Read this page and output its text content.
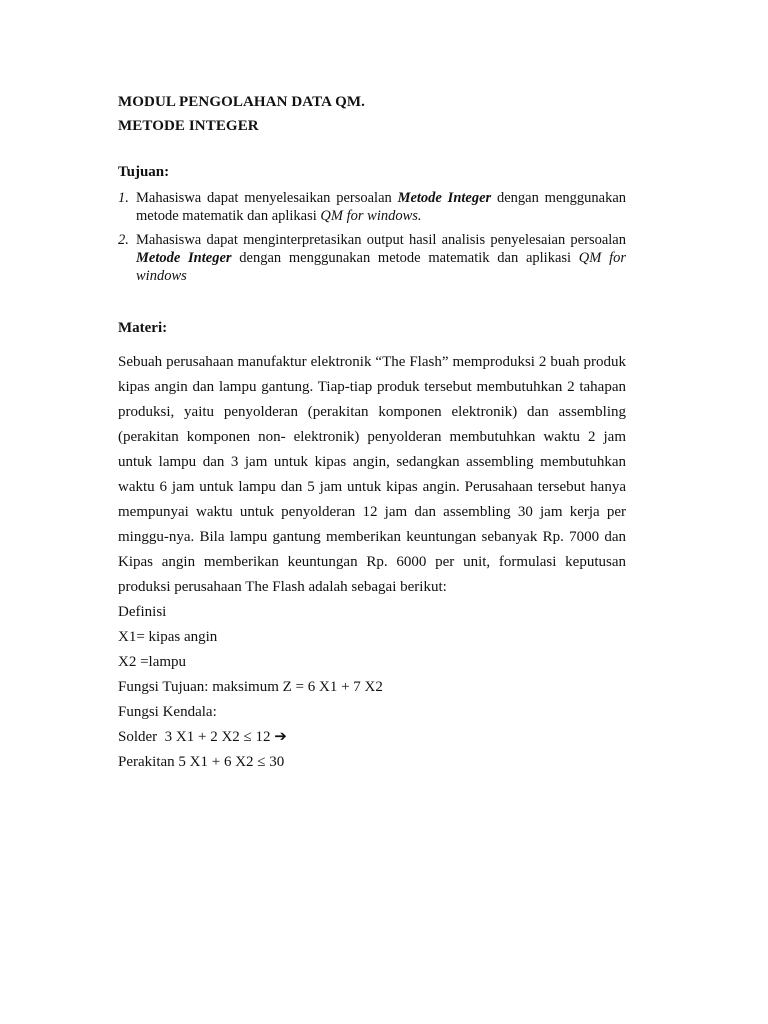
MODUL PENGOLAHAN DATA QM.

METODE INTEGER

Tujuan:

1. Mahasiswa dapat menyelesaikan persoalan Metode Integer dengan menggunakan metode matematik dan aplikasi QM for windows.
2. Mahasiswa dapat menginterpretasikan output hasil analisis penyelesaian persoalan Metode Integer dengan menggunakan metode matematik dan aplikasi QM for windows

Materi:

Sebuah perusahaan manufaktur elektronik “The Flash” memproduksi 2 buah produk kipas angin dan lampu gantung. Tiap-tiap produk tersebut membutuhkan 2 tahapan produksi, yaitu penyolderan (perakitan komponen elektronik) dan assembling (perakitan komponen non- elektronik) penyolderan membutuhkan waktu 2 jam untuk lampu dan 3 jam untuk kipas angin, sedangkan assembling membutuhkan waktu 6 jam untuk lampu dan 5 jam untuk kipas angin. Perusahaan tersebut hanya mempunyai waktu untuk penyolderan 12 jam dan assembling 30 jam kerja per minggu-nya. Bila lampu gantung memberikan keuntungan sebanyak Rp. 7000 dan Kipas angin memberikan keuntungan Rp. 6000 per unit, formulasi keputusan produksi perusahaan The Flash adalah sebagai berikut:

Definisi

X1= kipas angin

X2 =lampu

Fungsi Tujuan: maksimum Z = 6 X1 + 7 X2

Fungsi Kendala:

Solder  3 X1 + 2 X2 ≤ 12 ➔

Perakitan 5 X1 + 6 X2 ≤ 30
